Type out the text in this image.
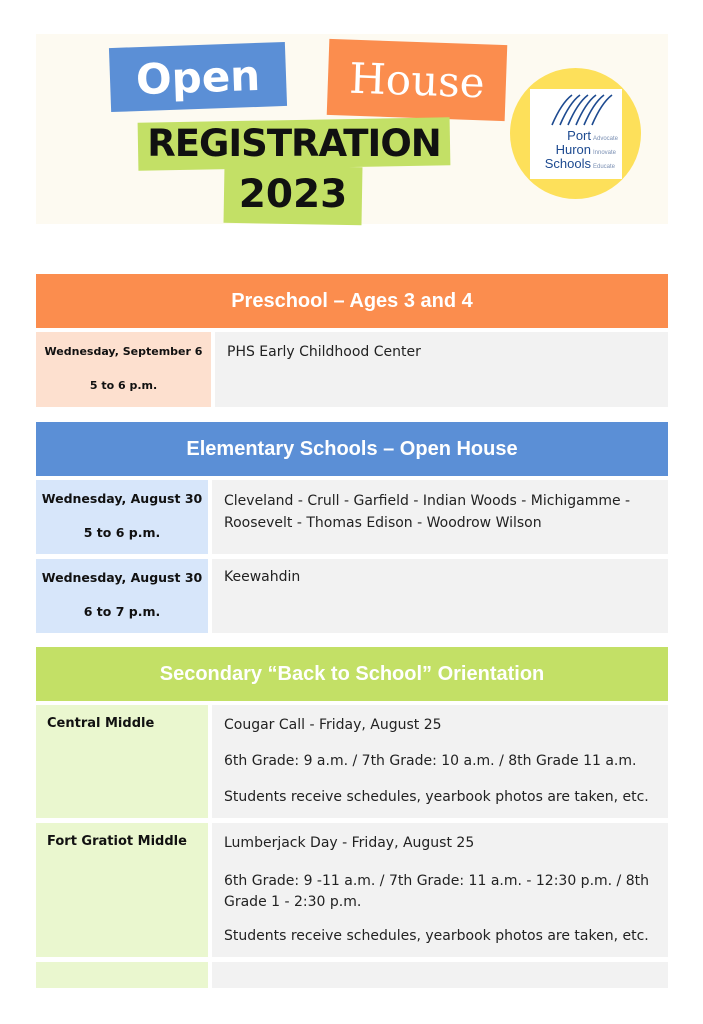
Open House
REGISTRATION
2023
Port
Huron
Schools
Advocate
Innovate
Educate
Preschool – Ages 3 and 4
Wednesday, September 6
5 to 6 p.m.

PHS Early Childhood Center

Elementary Schools – Open House
Wednesday, August 30
5 to 6 p.m.

Cleveland - Crull - Garfield - Indian Woods - Michigamme - Roosevelt - Thomas Edison - Woodrow Wilson

Wednesday, August 30
6 to 7 p.m.

Keewahdin

Secondary “Back to School” Orientation
Central Middle	Cougar Call - Friday, August 25
6th Grade: 9 a.m. / 7th Grade: 10 a.m. / 8th Grade 11 a.m.
Students receive schedules, yearbook photos are taken, etc.
Fort Gratiot Middle	Lumberjack Day - Friday, August 25
6th Grade: 9 -11 a.m. / 7th Grade: 11 a.m. - 12:30 p.m. / 8th Grade 1 - 2:30 p.m.
Students receive schedules, yearbook photos are taken, etc.
